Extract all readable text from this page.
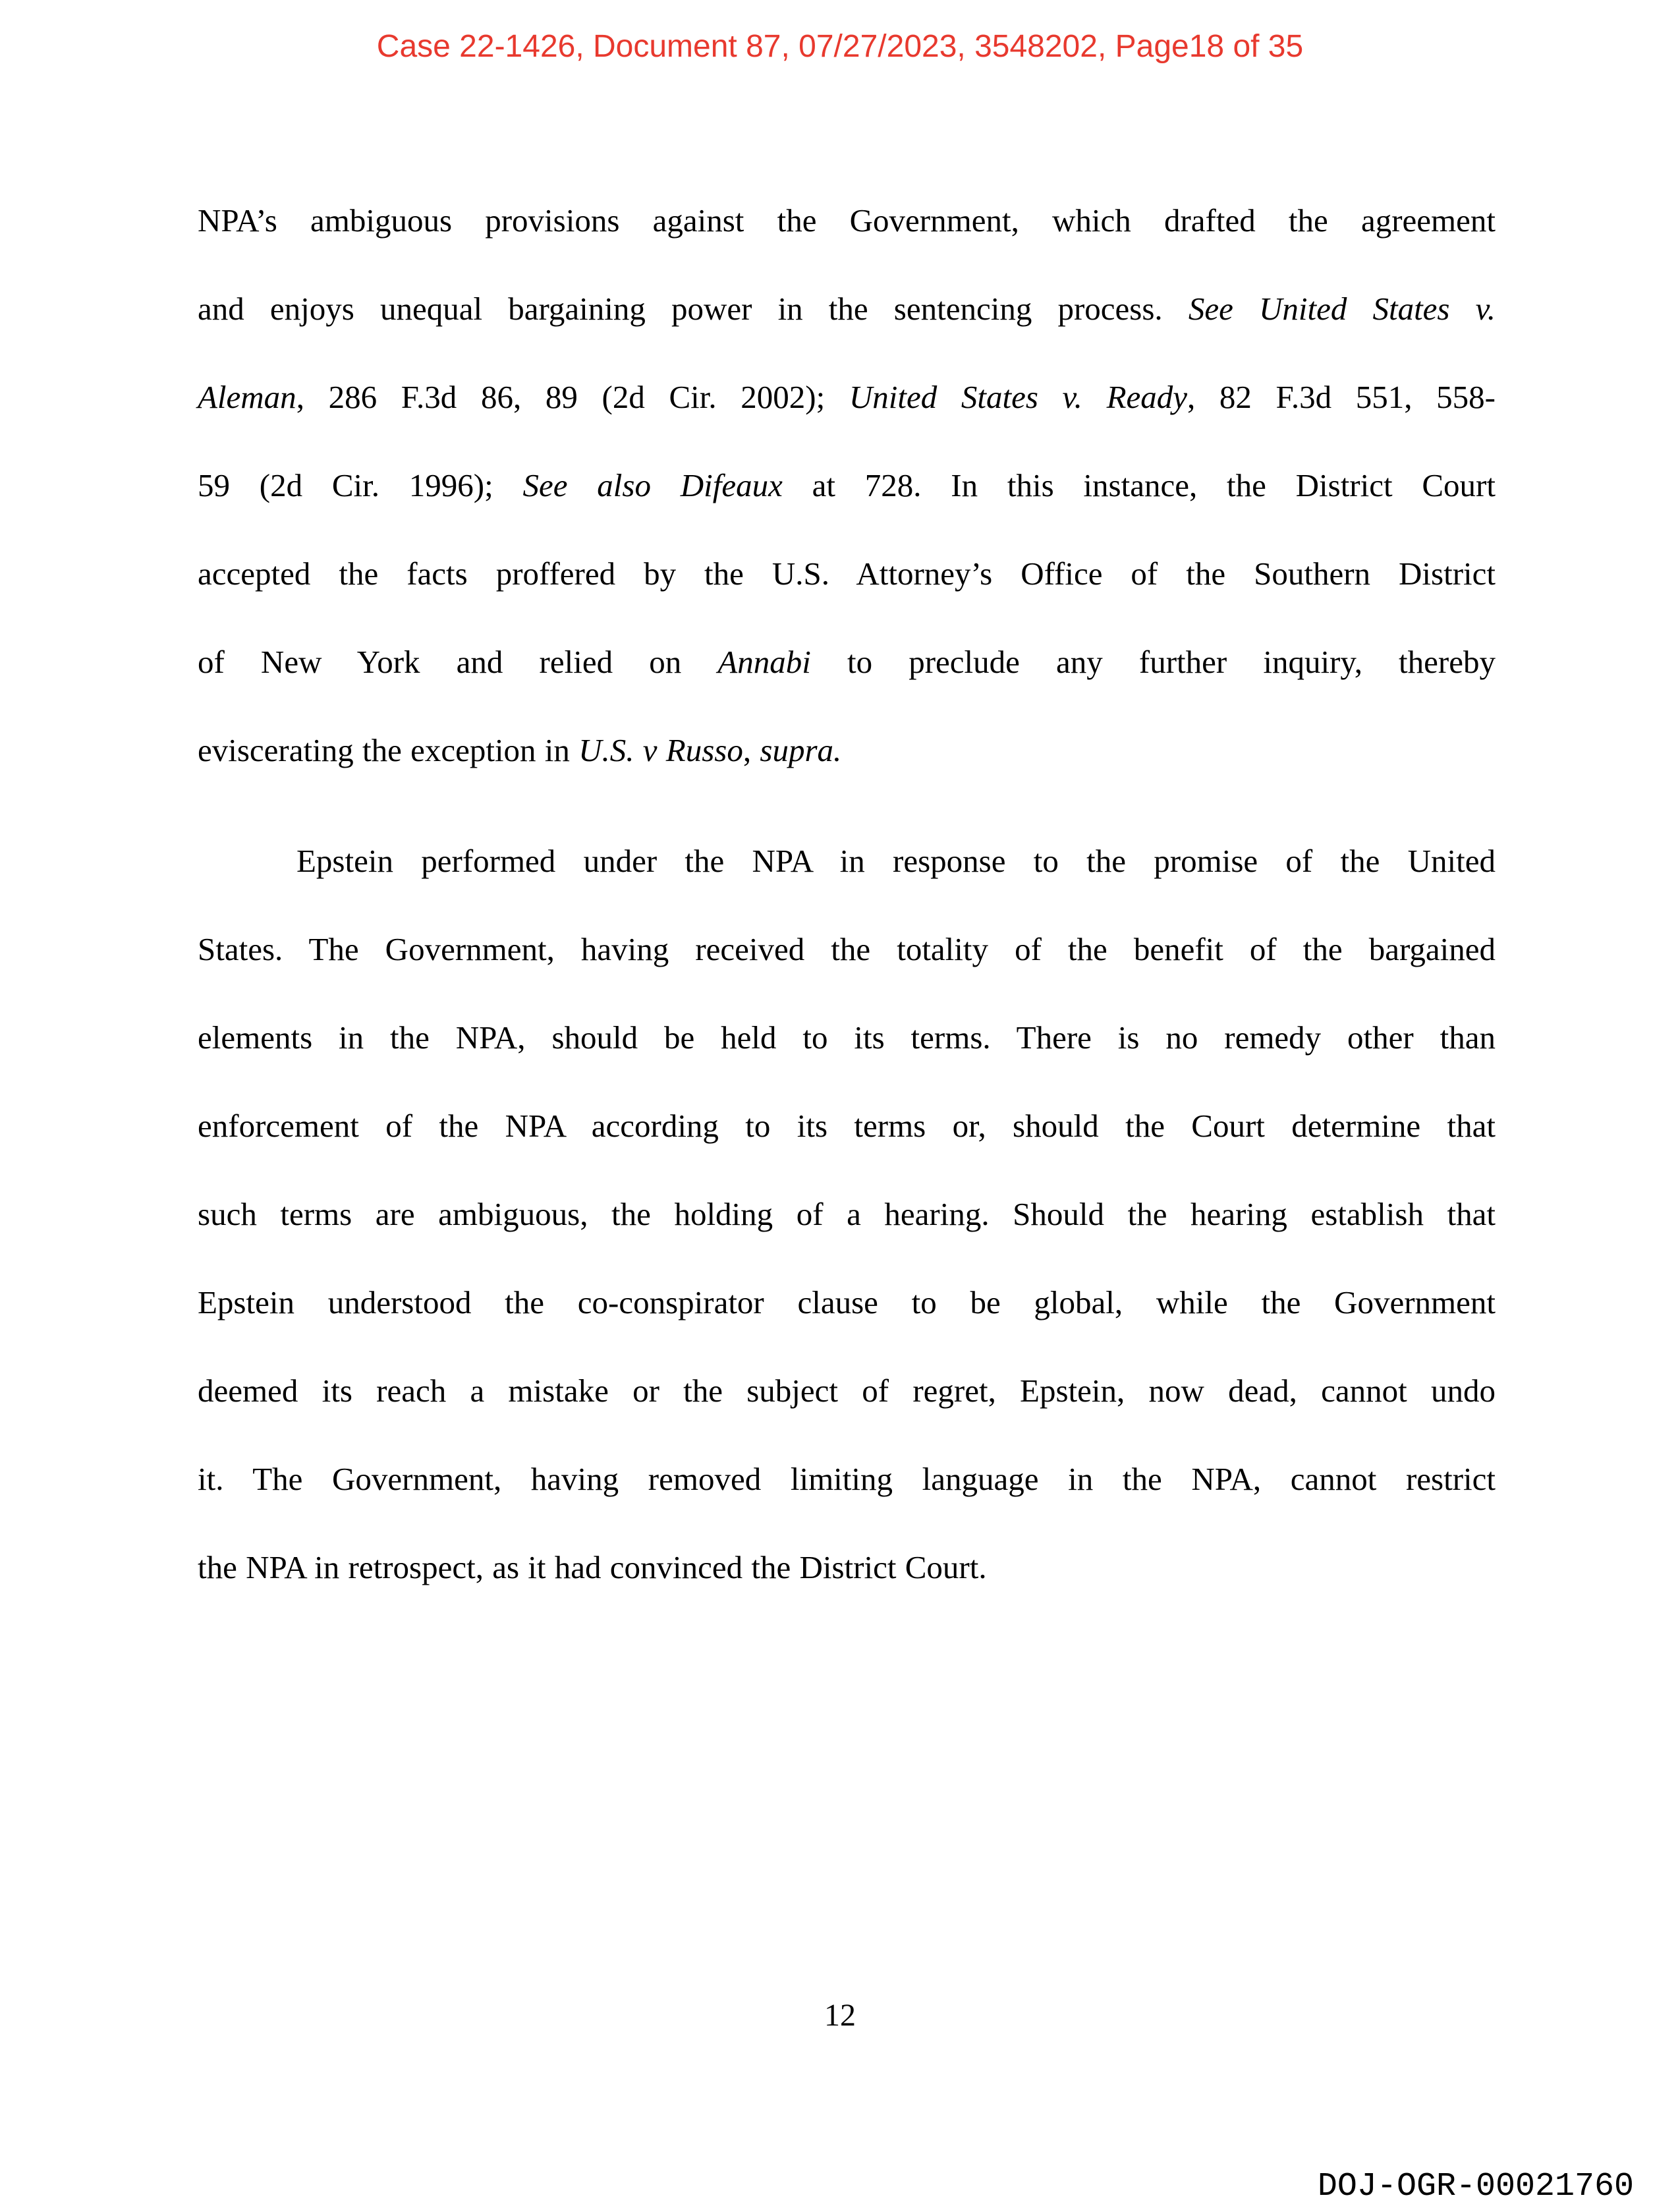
Case 22-1426, Document 87, 07/27/2023, 3548202, Page18 of 35
NPA’s ambiguous provisions against the Government, which drafted the agreement
and enjoys unequal bargaining power in the sentencing process. See United States v.
Aleman, 286 F.3d 86, 89 (2d Cir. 2002); United States v. Ready, 82 F.3d 551, 558-
59 (2d Cir. 1996); See also Difeaux at 728. In this instance, the District Court
accepted the facts proffered by the U.S. Attorney’s Office of the Southern District
of New York and relied on Annabi to preclude any further inquiry, thereby
eviscerating the exception in U.S. v Russo, supra.
Epstein performed under the NPA in response to the promise of the United
States. The Government, having received the totality of the benefit of the bargained
elements in the NPA, should be held to its terms. There is no remedy other than
enforcement of the NPA according to its terms or, should the Court determine that
such terms are ambiguous, the holding of a hearing. Should the hearing establish that
Epstein understood the co-conspirator clause to be global, while the Government
deemed its reach a mistake or the subject of regret, Epstein, now dead, cannot undo
it. The Government, having removed limiting language in the NPA, cannot restrict
the NPA in retrospect, as it had convinced the District Court.
12
DOJ-OGR-00021760
